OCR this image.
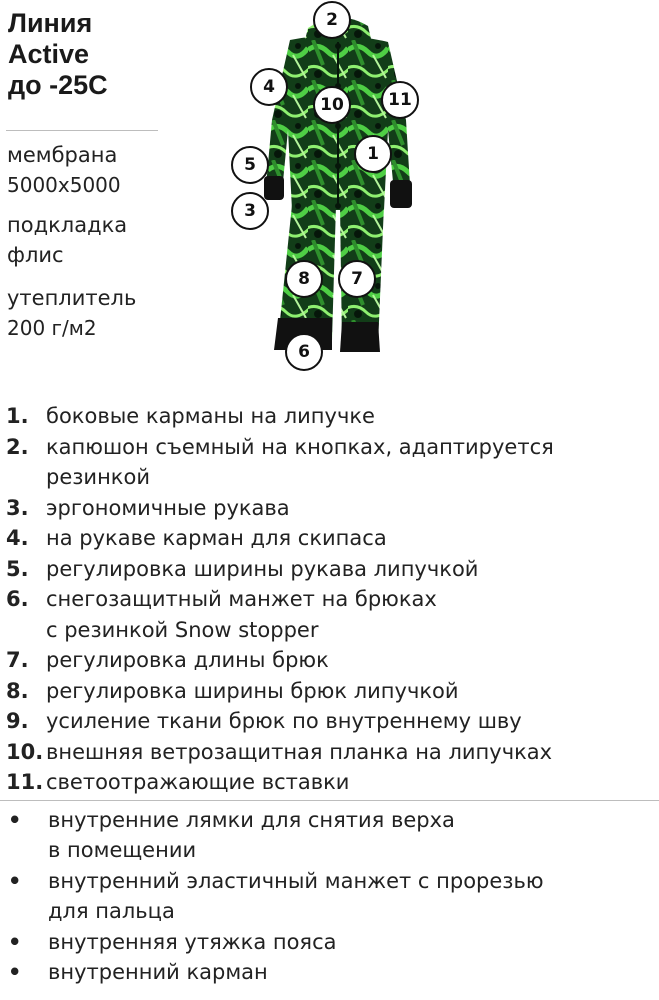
Линия
Active
до -25С
мембрана
5000х5000
подкладка
флис
утеплитель
200 г/м2
2
4
10	11
1
5
3
8	7
6
1. боковые карманы на липучке
2. капюшон съемный на кнопках, адаптируется
резинкой
3. эргономичные рукава
4. на рукаве карман для скипаса
5. регулировка ширины рукава липучкой
6. снегозащитный манжет на брюках
с резинкой Snow stopper
7. регулировка длины брюк
8. регулировка ширины брюк липучкой
9. усиление ткани брюк по внутреннему шву
10. внешняя ветрозащитная планка на липучках
11. светоотражающие вставки
•	внутренние лямки для снятия верха
в помещении
•	внутренний эластичный манжет с прорезью
для пальца
•	внутренняя утяжка пояса
•	внутренний карман
